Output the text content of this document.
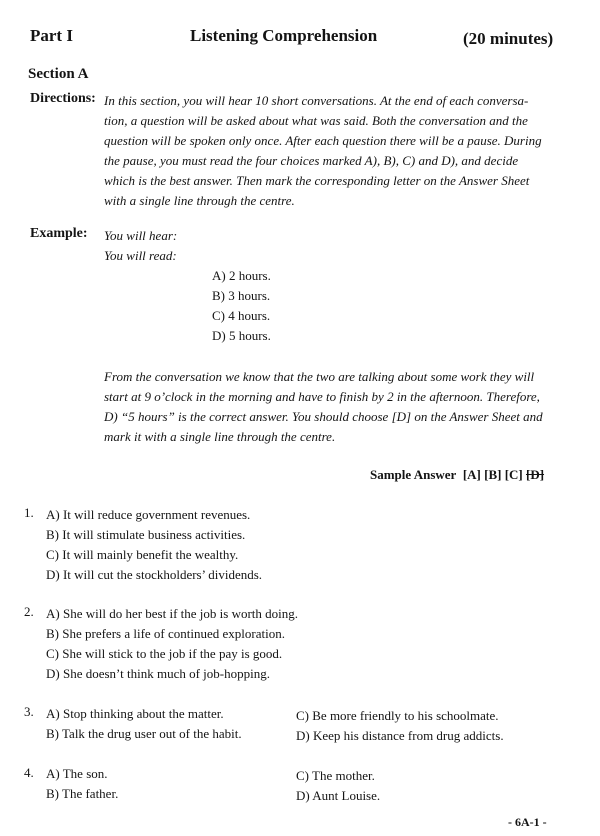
Part I	Listening Comprehension	(20 minutes)
Section A
Directions: In this section, you will hear 10 short conversations. At the end of each conversa-
tion, a question will be asked about what was said. Both the conversation and the
question will be spoken only once. After each question there will be a pause. During
the pause, you must read the four choices marked A), B), C) and D), and decide
which is the best answer. Then mark the corresponding letter on the Answer Sheet
with a single line through the centre.
Example: You will hear:
You will read:
A) 2 hours.
B) 3 hours.
C) 4 hours.
D) 5 hours.
From the conversation we know that the two are talking about some work they will
start at 9 o’clock in the morning and have to finish by 2 in the afternoon. Therefore,
D) “5 hours” is the correct answer. You should choose [D] on the Answer Sheet and
mark it with a single line through the centre.
Sample Answer [A] [B] [C] [D]
1. A) It will reduce government revenues.
B) It will stimulate business activities.
C) It will mainly benefit the wealthy.
D) It will cut the stockholders’ dividends.
2. A) She will do her best if the job is worth doing.
B) She prefers a life of continued exploration.
C) She will stick to the job if the pay is good.
D) She doesn’t think much of job-hopping.
3. A) Stop thinking about the matter.	C) Be more friendly to his schoolmate.
B) Talk the drug user out of the habit.	D) Keep his distance from drug addicts.
4. A) The son.	C) The mother.
B) The father.	D) Aunt Louise.
- 6A-1 -
